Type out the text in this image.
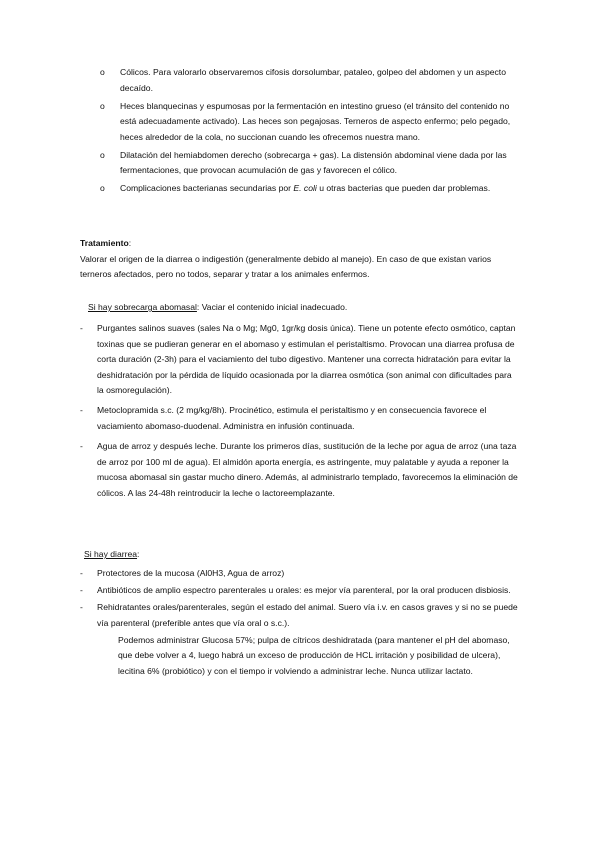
o Cólicos. Para valorarlo observaremos cifosis dorsolumbar, pataleo, golpeo del abdomen y un aspecto decaído.
o Heces blanquecinas y espumosas por la fermentación en intestino grueso (el tránsito del contenido no está adecuadamente activado). Las heces son pegajosas. Terneros de aspecto enfermo; pelo pegado, heces alrededor de la cola, no succionan cuando les ofrecemos nuestra mano.
o Dilatación del hemiabdomen derecho (sobrecarga + gas). La distensión abdominal viene dada por las fermentaciones, que provocan acumulación de gas y favorecen el cólico.
o Complicaciones bacterianas secundarias por E. coli u otras bacterias que pueden dar problemas.
Tratamiento:
Valorar el origen de la diarrea o indigestión (generalmente debido al manejo). En caso de que existan varios terneros afectados, pero no todos, separar y tratar a los animales enfermos.
Si hay sobrecarga abomasal: Vaciar el contenido inicial inadecuado.
- Purgantes salinos suaves (sales Na o Mg; Mg0, 1gr/kg dosis única). Tiene un potente efecto osmótico, captan toxinas que se pudieran generar en el abomaso y estimulan el peristaltismo. Provocan una diarrea profusa de corta duración (2-3h) para el vaciamiento del tubo digestivo. Mantener una correcta hidratación para evitar la deshidratación por la pérdida de líquido ocasionada por la diarrea osmótica (son animal con dificultades para la osmoregulación).
- Metoclopramida s.c. (2 mg/kg/8h). Procinético, estimula el peristaltismo y en consecuencia favorece el vaciamiento abomaso-duodenal. Administra en infusión continuada.
- Agua de arroz y después leche. Durante los primeros días, sustitución de la leche por agua de arroz (una taza de arroz por 100 ml de agua). El almidón aporta energía, es astringente, muy palatable y ayuda a reponer la mucosa abomasal sin gastar mucho dinero. Además, al administrarlo templado, favorecemos la eliminación de cólicos. A las 24-48h reintroducir la leche o lactoreemplazante.
Si hay diarrea:
- Protectores de la mucosa (Al0H3, Agua de arroz)
- Antibióticos de amplio espectro parenterales u orales: es mejor vía parenteral, por la oral producen disbiosis.
- Rehidratantes orales/parenterales, según el estado del animal. Suero vía i.v. en casos graves y si no se puede vía parenteral (preferible antes que vía oral o s.c.).
Podemos administrar Glucosa 57%; pulpa de cítricos deshidratada (para mantener el pH del abomaso, que debe volver a 4, luego habrá un exceso de producción de HCL irritación y posibilidad de ulcera), lecitina 6% (probiótico) y con el tiempo ir volviendo a administrar leche. Nunca utilizar lactato.
